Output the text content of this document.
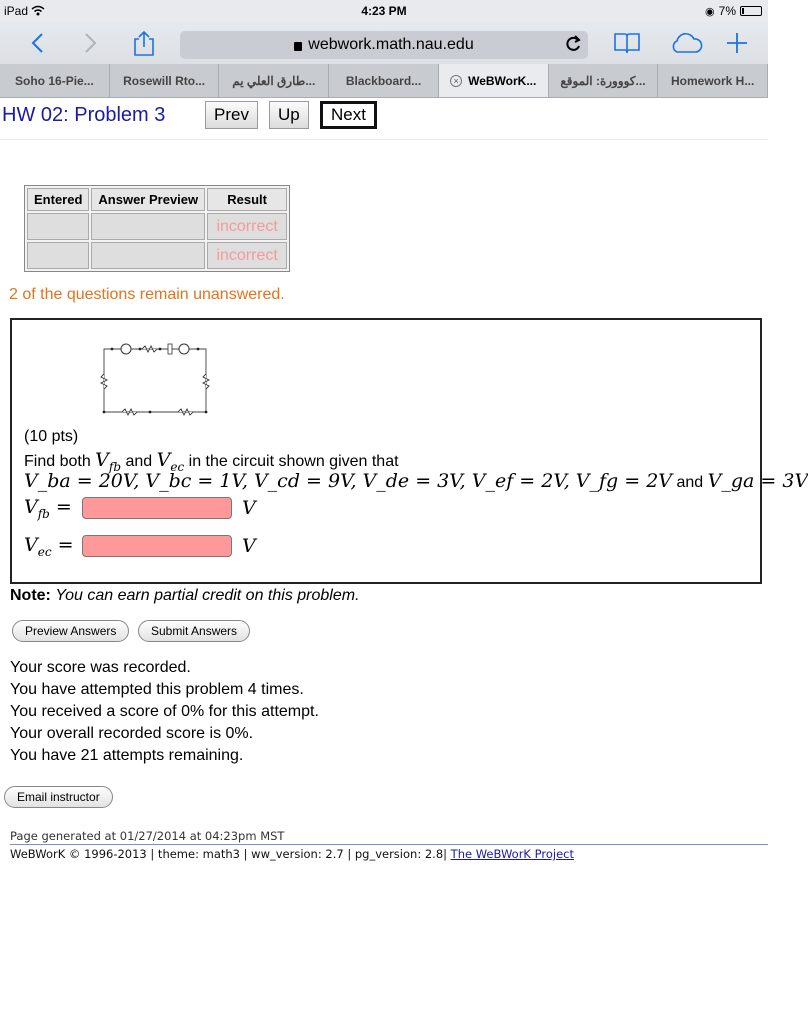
iPad	4:23 PM	◉ 7%
webwork.math.nau.edu
Soho 16-Pie...	Rosewill Rto...	طارق العلي يم...	Blackboard...	× WeBWorK...	كووورة: الموقع...	Homework H...
HW 02: Problem 3	Prev	Up	Next
Entered	Answer Preview	Result
		incorrect
		incorrect
2 of the questions remain unanswered.
(10 pts)
Find both $V_{fb}$ and $V_{ec}$ in the circuit shown given that
V_ba = 20V, V_bc = 1V, V_cd = 9V, V_de = 3V, V_ef = 2V, V_fg = 2V and V_ga = 3V
$V_{fb}$ =	V
$V_{ec}$ =	V
Note: You can earn partial credit on this problem.
Preview Answers	Submit Answers
Your score was recorded.
You have attempted this problem 4 times.
You received a score of 0% for this attempt.
Your overall recorded score is 0%.
You have 21 attempts remaining.
Email instructor
Page generated at 01/27/2014 at 04:23pm MST
WeBWorK © 1996-2013 | theme: math3 | ww_version: 2.7 | pg_version: 2.8| The WeBWorK Project
